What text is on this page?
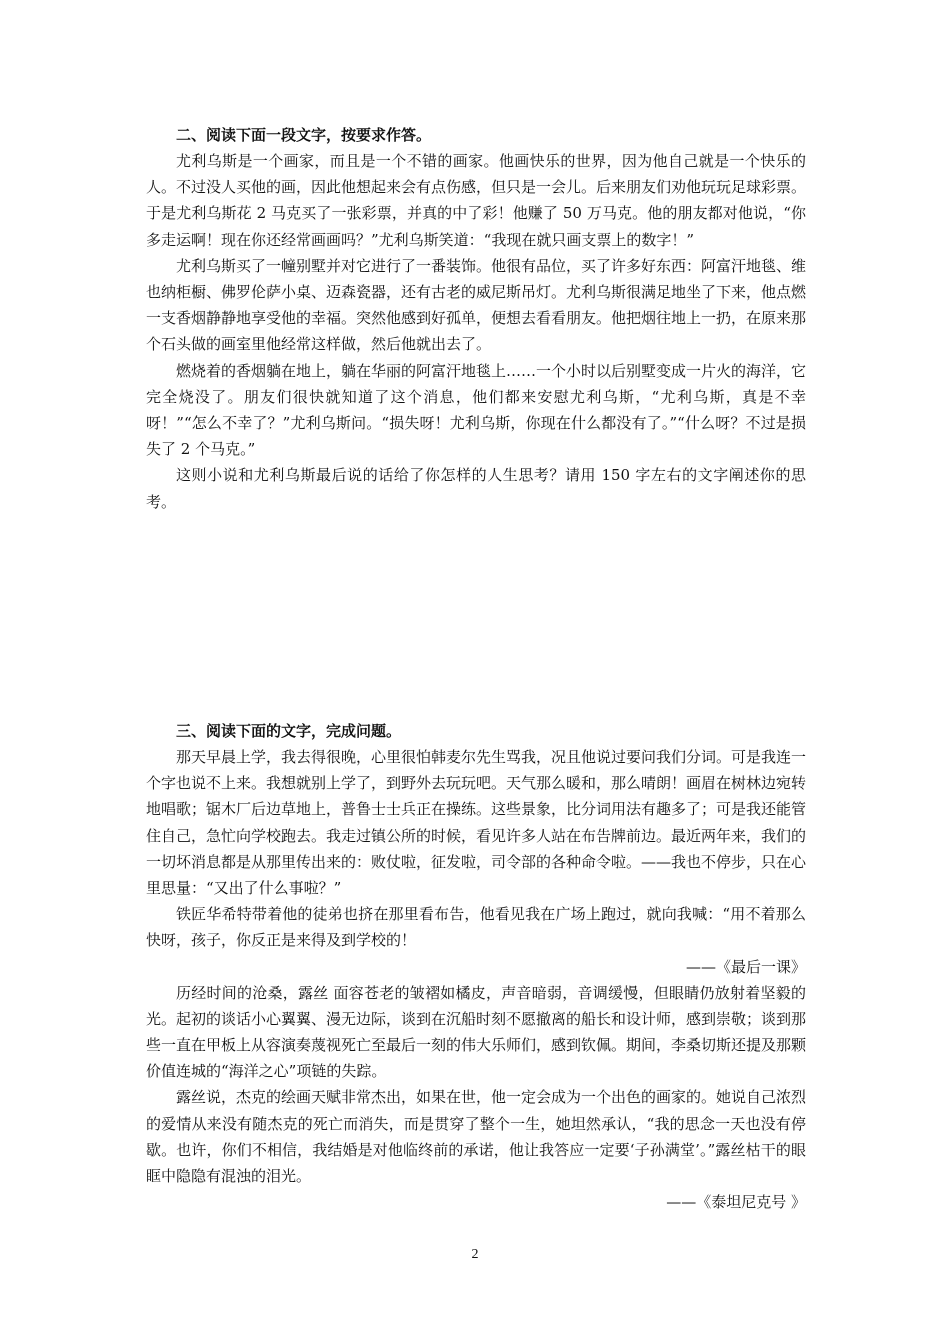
二、阅读下面一段文字，按要求作答。

尤利乌斯是一个画家，而且是一个不错的画家。他画快乐的世界，因为他自己就是一个快乐的人。不过没人买他的画，因此他想起来会有点伤感，但只是一会儿。后来朋友们劝他玩玩足球彩票。于是尤利乌斯花 2 马克买了一张彩票，并真的中了彩！他赚了 50 万马克。他的朋友都对他说，“你多走运啊！现在你还经常画画吗？”尤利乌斯笑道：“我现在就只画支票上的数字！”

尤利乌斯买了一幢别墅并对它进行了一番装饰。他很有品位，买了许多好东西：阿富汗地毯、维也纳柜橱、佛罗伦萨小桌、迈森瓷器，还有古老的威尼斯吊灯。尤利乌斯很满足地坐了下来，他点燃一支香烟静静地享受他的幸福。突然他感到好孤单，便想去看看朋友。他把烟往地上一扔，在原来那个石头做的画室里他经常这样做，然后他就出去了。

燃烧着的香烟躺在地上，躺在华丽的阿富汗地毯上……一个小时以后别墅变成一片火的海洋，它完全烧没了。朋友们很快就知道了这个消息，他们都来安慰尤利乌斯，“尤利乌斯，真是不幸呀！”“怎么不幸了？”尤利乌斯问。“损失呀！尤利乌斯，你现在什么都没有了。”“什么呀？不过是损失了 2 个马克。”

这则小说和尤利乌斯最后说的话给了你怎样的人生思考？请用 150 字左右的文字阐述你的思考。

三、阅读下面的文字，完成问题。

那天早晨上学，我去得很晚，心里很怕韩麦尔先生骂我，况且他说过要问我们分词。可是我连一个字也说不上来。我想就别上学了，到野外去玩玩吧。天气那么暖和，那么晴朗！画眉在树林边宛转地唱歌；锯木厂后边草地上，普鲁士士兵正在操练。这些景象，比分词用法有趣多了；可是我还能管住自己，急忙向学校跑去。我走过镇公所的时候，看见许多人站在布告牌前边。最近两年来，我们的一切坏消息都是从那里传出来的：败仗啦，征发啦，司令部的各种命令啦。——我也不停步，只在心里思量：“又出了什么事啦？”

铁匠华希特带着他的徒弟也挤在那里看布告，他看见我在广场上跑过，就向我喊：“用不着那么快呀，孩子，你反正是来得及到学校的！

——《最后一课》

历经时间的沧桑，露丝 面容苍老的皱褶如橘皮，声音暗弱，音调缓慢，但眼睛仍放射着坚毅的光。起初的谈话小心翼翼、漫无边际，谈到在沉船时刻不愿撤离的船长和设计师，感到崇敬；谈到那些一直在甲板上从容演奏蔑视死亡至最后一刻的伟大乐师们，感到钦佩。期间，李桑切斯还提及那颗价值连城的“海洋之心”项链的失踪。

露丝说，杰克的绘画天赋非常杰出，如果在世，他一定会成为一个出色的画家的。她说自己浓烈的爱情从来没有随杰克的死亡而消失，而是贯穿了整个一生，她坦然承认，“我的思念一天也没有停歇。也许，你们不相信，我结婚是对他临终前的承诺，他让我答应一定要‘子孙满堂’。”露丝枯干的眼眶中隐隐有混浊的泪光。

——《泰坦尼克号 》

2
